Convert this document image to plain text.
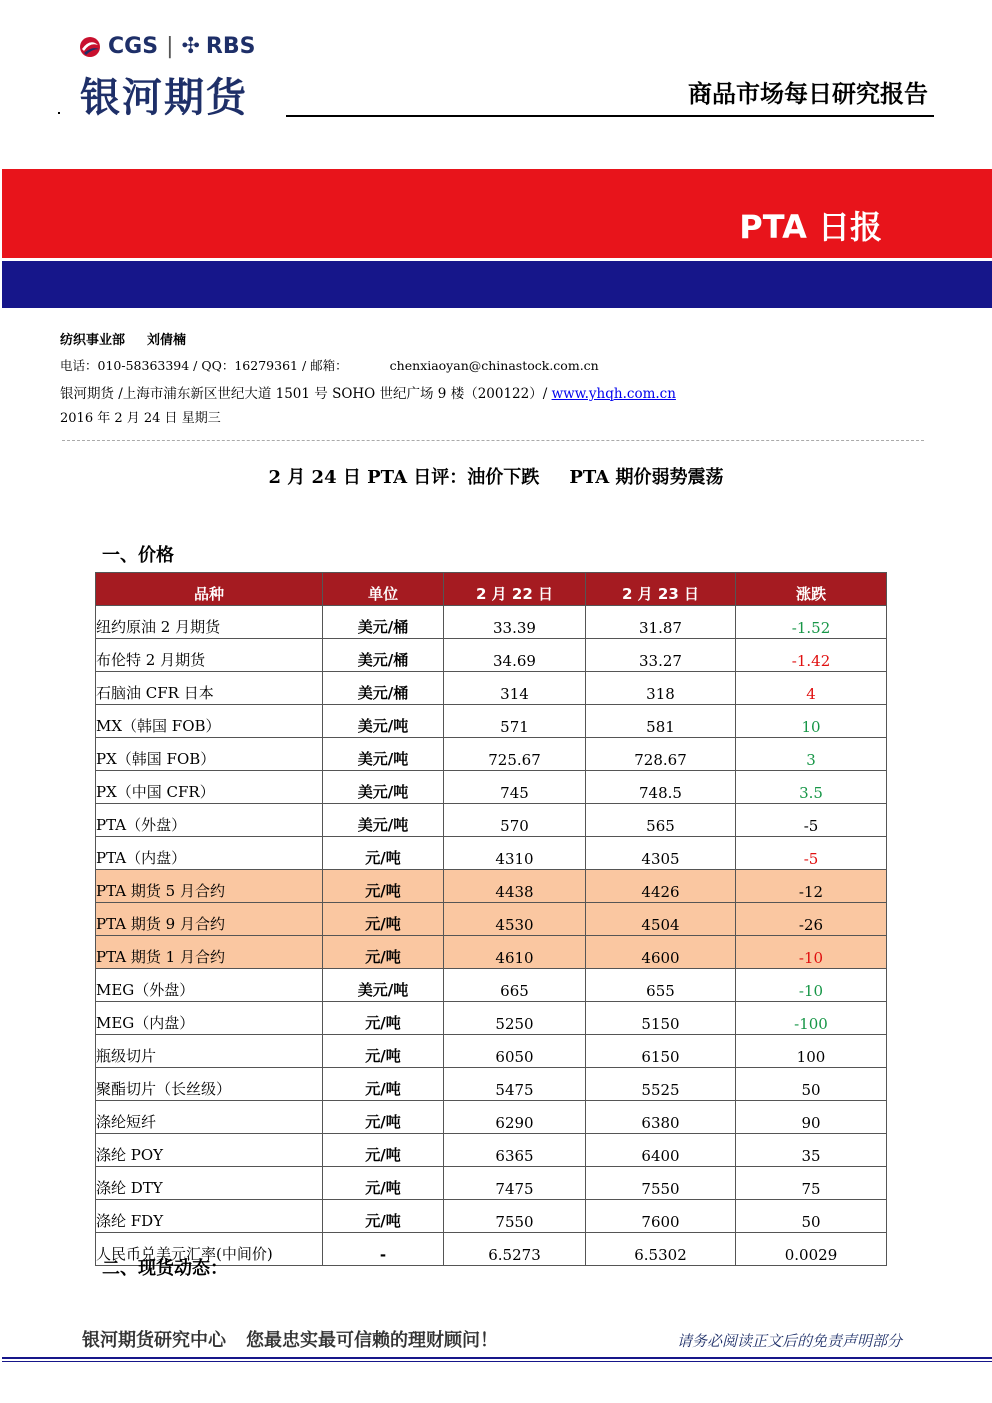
CGS | ✣ RBS
银河期货	商品市场每日研究报告
PTA 日报
纺织事业部 刘倩楠
电话：010-58363394 / QQ：16279361 / 邮箱：	chenxiaoyan@chinastock.com.cn
银河期货 /上海市浦东新区世纪大道 1501 号 SOHO 世纪广场 9 楼（200122）/ www.yhqh.com.cn
2016 年 2 月 24 日 星期三
2 月 24 日 PTA 日评：油价下跌 PTA 期价弱势震荡
一、价格
品种	单位	2 月 22 日	2 月 23 日	涨跌
纽约原油 2 月期货	美元/桶	33.39	31.87	-1.52
布伦特 2 月期货	美元/桶	34.69	33.27	-1.42
石脑油 CFR 日本	美元/桶	314	318	4
MX（韩国 FOB）	美元/吨	571	581	10
PX（韩国 FOB）	美元/吨	725.67	728.67	3
PX（中国 CFR）	美元/吨	745	748.5	3.5
PTA（外盘）	美元/吨	570	565	-5
PTA（内盘）	元/吨	4310	4305	-5
PTA 期货 5 月合约	元/吨	4438	4426	-12
PTA 期货 9 月合约	元/吨	4530	4504	-26
PTA 期货 1 月合约	元/吨	4610	4600	-10
MEG（外盘）	美元/吨	665	655	-10
MEG（内盘）	元/吨	5250	5150	-100
瓶级切片	元/吨	6050	6150	100
聚酯切片（长丝级）	元/吨	5475	5525	50
涤纶短纤	元/吨	6290	6380	90
涤纶 POY	元/吨	6365	6400	35
涤纶 DTY	元/吨	7475	7550	75
涤纶 FDY	元/吨	7550	7600	50
人民币兑美元汇率(中间价)	-	6.5273	6.5302	0.0029
二、现货动态：
银河期货研究中心 您最忠实最可信赖的理财顾问！	请务必阅读正文后的免责声明部分
